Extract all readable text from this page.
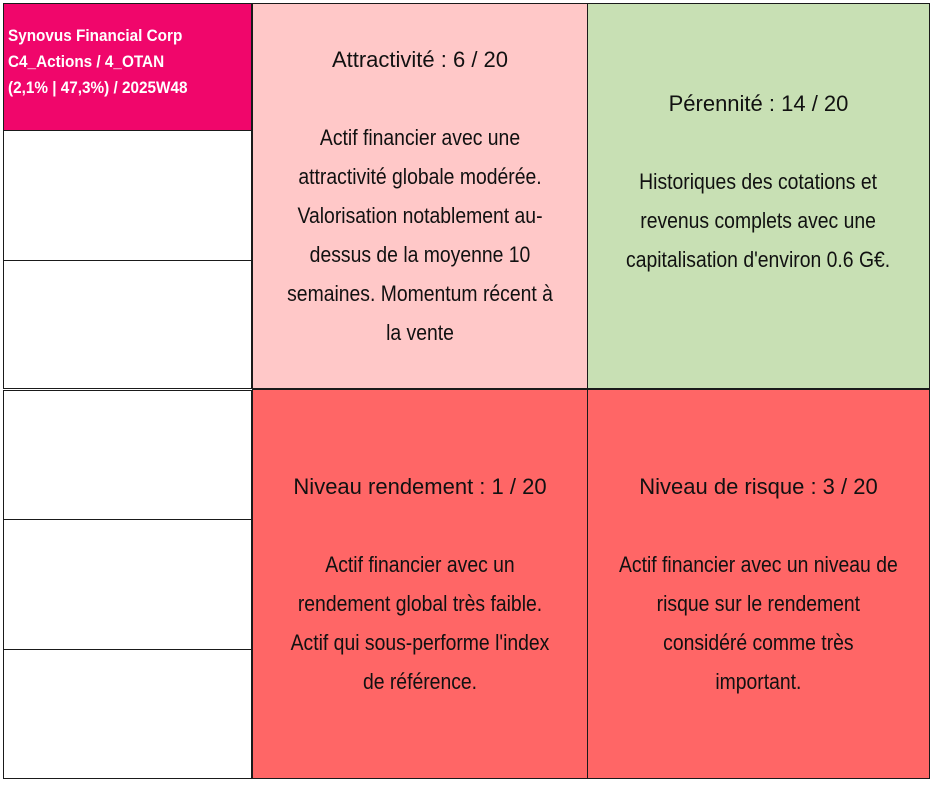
Synovus Financial Corp
C4_Actions / 4_OTAN
(2,1% | 47,3%) / 2025W48
Attractivité : 6 / 20
Actif financier avec une
attractivité globale modérée.
Valorisation notablement au-
dessus de la moyenne 10
semaines. Momentum récent à
la vente
Pérennité : 14 / 20
Historiques des cotations et
revenus complets avec une
capitalisation d'environ 0.6 G€.
Niveau rendement : 1 / 20
Actif financier avec un
rendement global très faible.
Actif qui sous-performe l'index
de référence.
Niveau de risque : 3 / 20
Actif financier avec un niveau de
risque sur le rendement
considéré comme très
important.
